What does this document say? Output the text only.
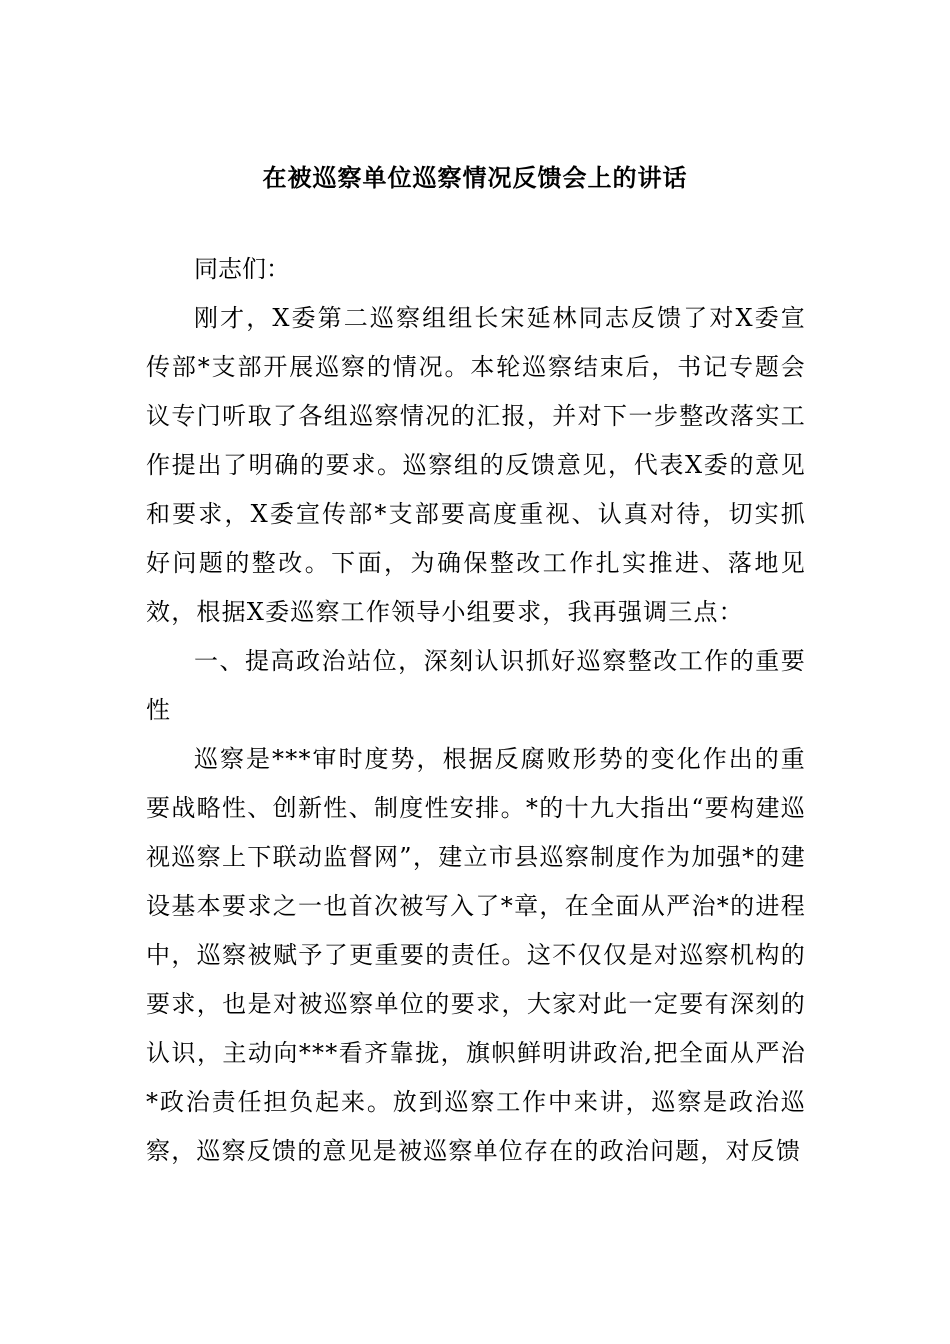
在被巡察单位巡察情况反馈会上的讲话

同志们：

刚才，X委第二巡察组组长宋延林同志反馈了对X委宣传部*支部开展巡察的情况。本轮巡察结束后，书记专题会议专门听取了各组巡察情况的汇报，并对下一步整改落实工作提出了明确的要求。巡察组的反馈意见，代表X委的意见和要求，X委宣传部*支部要高度重视、认真对待，切实抓好问题的整改。下面，为确保整改工作扎实推进、落地见效，根据X委巡察工作领导小组要求，我再强调三点：

一、提高政治站位，深刻认识抓好巡察整改工作的重要性

巡察是***审时度势，根据反腐败形势的变化作出的重要战略性、创新性、制度性安排。*的十九大指出“要构建巡视巡察上下联动监督网”，建立市县巡察制度作为加强*的建设基本要求之一也首次被写入了*章，在全面从严治*的进程中，巡察被赋予了更重要的责任。这不仅仅是对巡察机构的要求，也是对被巡察单位的要求，大家对此一定要有深刻的认识，主动向***看齐靠拢，旗帜鲜明讲政治,把全面从严治*政治责任担负起来。放到巡察工作中来讲，巡察是政治巡察，巡察反馈的意见是被巡察单位存在的政治问题，对反馈
